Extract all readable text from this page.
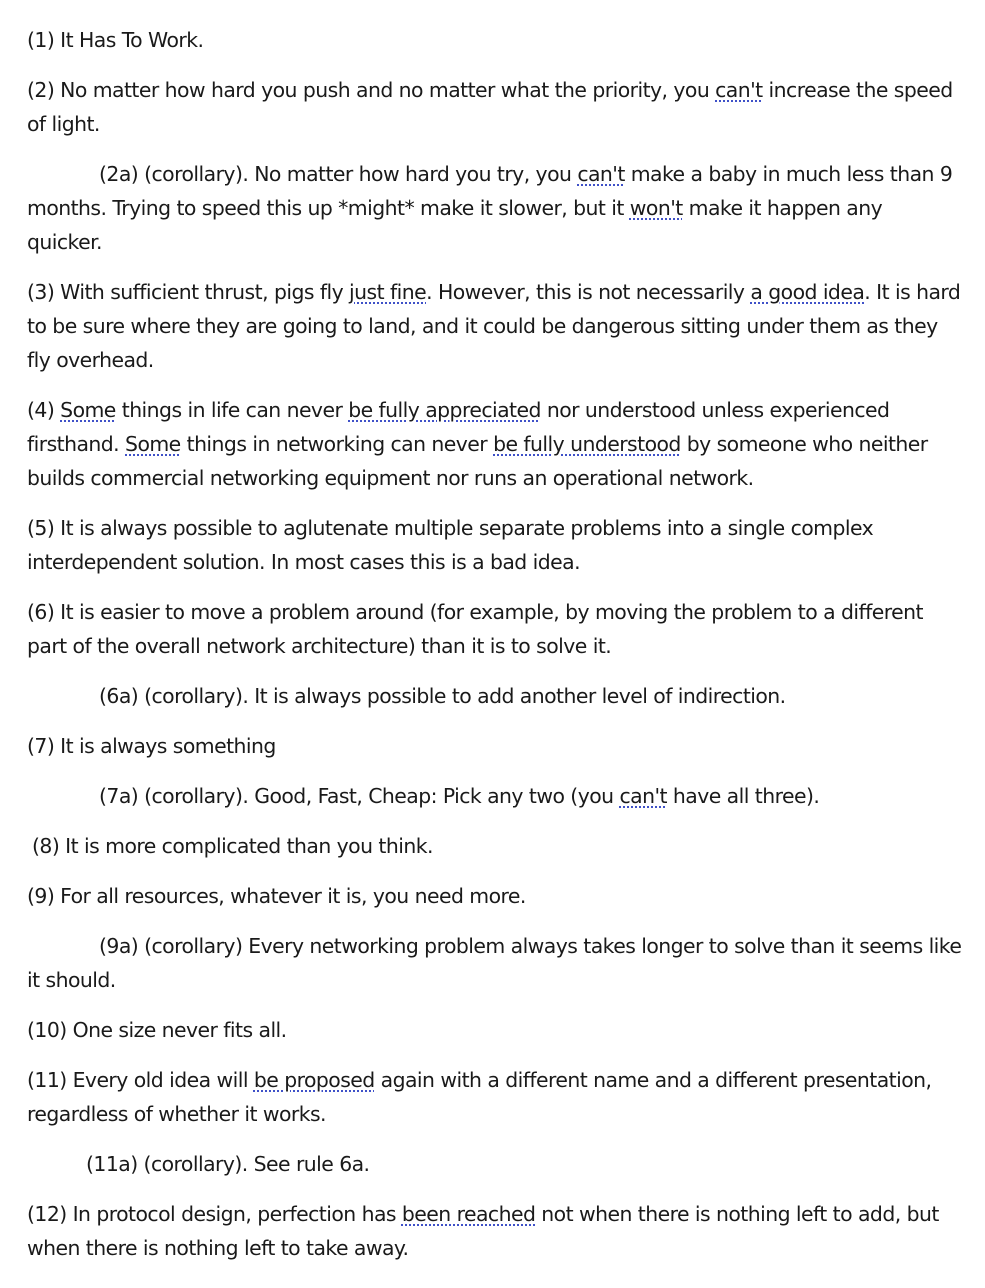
(1) It Has To Work.

(2) No matter how hard you push and no matter what the priority, you can't increase the speed of light.

(2a) (corollary). No matter how hard you try, you can't make a baby in much less than 9 months. Trying to speed this up *might* make it slower, but it won't make it happen any quicker.

(3) With sufficient thrust, pigs fly just fine. However, this is not necessarily a good idea. It is hard to be sure where they are going to land, and it could be dangerous sitting under them as they fly overhead.

(4) Some things in life can never be fully appreciated nor understood unless experienced firsthand. Some things in networking can never be fully understood by someone who neither builds commercial networking equipment nor runs an operational network.

(5) It is always possible to aglutenate multiple separate problems into a single complex interdependent solution. In most cases this is a bad idea.

(6) It is easier to move a problem around (for example, by moving the problem to a different part of the overall network architecture) than it is to solve it.

(6a) (corollary). It is always possible to add another level of indirection.

(7) It is always something

(7a) (corollary). Good, Fast, Cheap: Pick any two (you can't have all three).

(8) It is more complicated than you think.

(9) For all resources, whatever it is, you need more.

(9a) (corollary) Every networking problem always takes longer to solve than it seems like it should.

(10) One size never fits all.

(11) Every old idea will be proposed again with a different name and a different presentation, regardless of whether it works.

(11a) (corollary). See rule 6a.

(12) In protocol design, perfection has been reached not when there is nothing left to add, but when there is nothing left to take away.
